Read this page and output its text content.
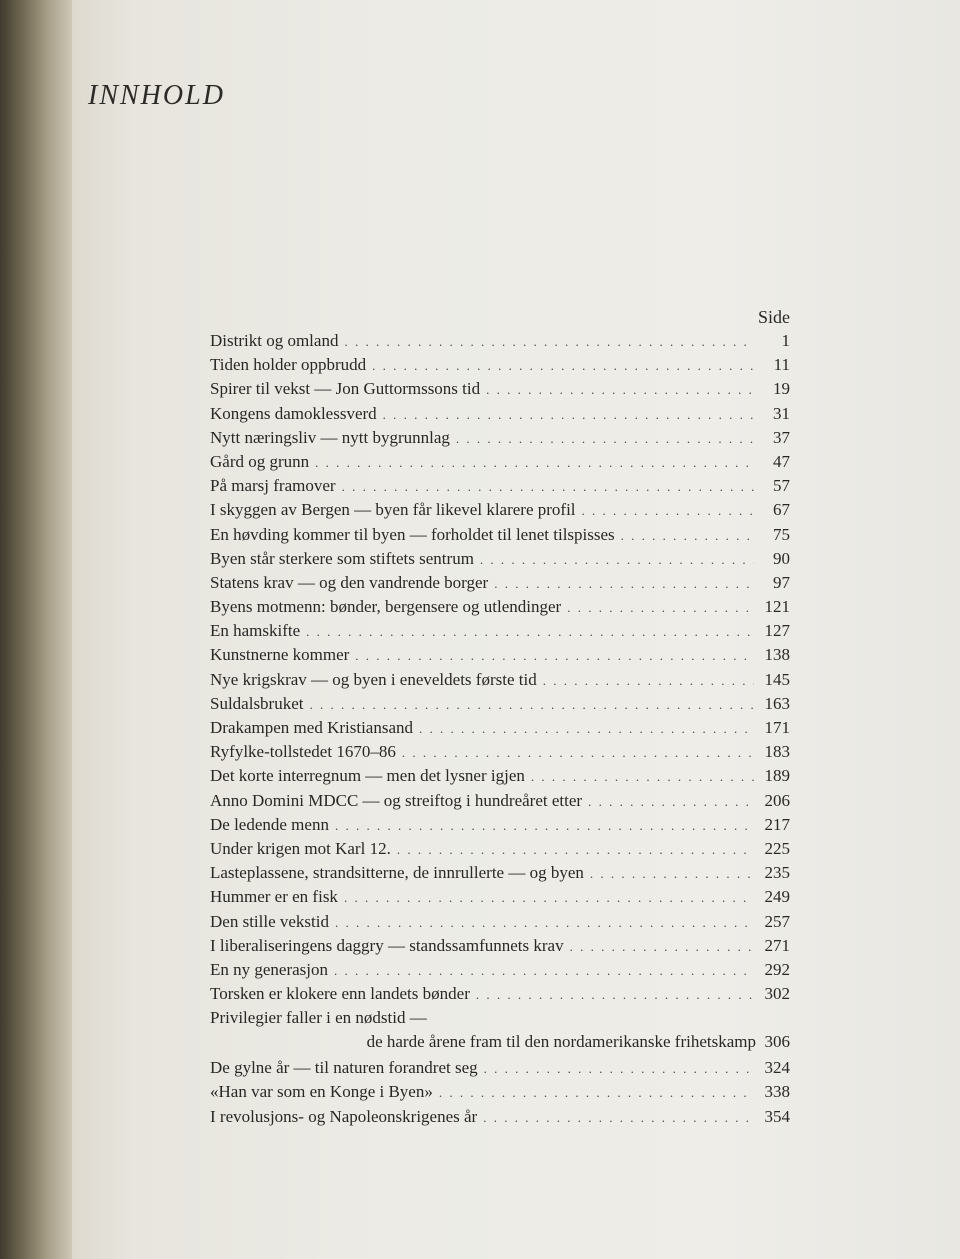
INNHOLD
Side
Distrikt og omland . . .	1
Tiden holder oppbrudd . . .	11
Spirer til vekst — Jon Guttormssons tid . . .	19
Kongens damoklessverd . . .	31
Nytt næringsliv — nytt bygrunnlag . . .	37
Gård og grunn . . .	47
På marsj framover . . .	57
I skyggen av Bergen — byen får likevel klarere profil . . .	67
En høvding kommer til byen — forholdet til lenet tilspisses . . .	75
Byen står sterkere som stiftets sentrum . . .	90
Statens krav — og den vandrende borger . . .	97
Byens motmenn: bønder, bergensere og utlendinger . . .	121
En hamskifte . . .	127
Kunstnerne kommer . . .	138
Nye krigskrav — og byen i eneveldets første tid . . .	145
Suldalsbruket . . .	163
Drakampen med Kristiansand . . .	171
Ryfylke-tollstedet 1670–86 . . .	183
Det korte interregnum — men det lysner igjen . . .	189
Anno Domini MDCC — og streiftog i hundreåret etter . . .	206
De ledende menn . . .	217
Under krigen mot Karl 12. . . .	225
Lasteplassene, strandsitterne, de innrullerte — og byen . . .	235
Hummer er en fisk . . .	249
Den stille vekstid . . .	257
I liberaliseringens daggry — standssamfunnets krav . . .	271
En ny generasjon . . .	292
Torsken er klokere enn landets bønder . . .	302
Privilegier faller i en nødstid —
de harde årene fram til den nordamerikanske frihetskamp 306
De gylne år — til naturen forandret seg . . .	324
«Han var som en Konge i Byen» . . .	338
I revolusjons- og Napoleonskrigenes år . . .	354
